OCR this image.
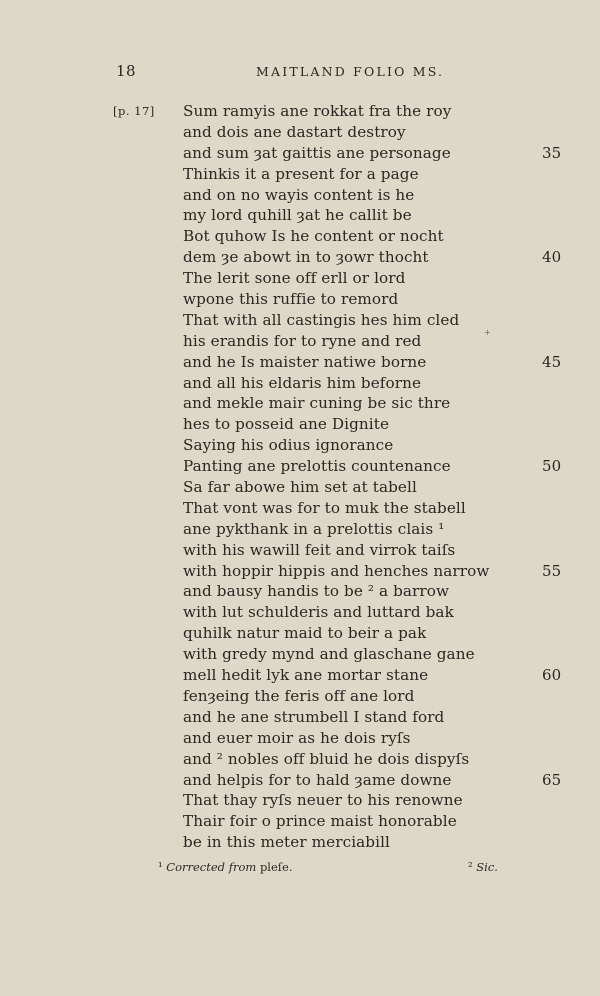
18	MAITLAND FOLIO MS.
[p. 17] Sum ramyis ane rokkat fra the roy
and dois ane dastart destroy
and sum ȝat gaittis ane personage	35
Thinkis it a present for a page
and on no wayis content is he
my lord quhill ȝat he callit be
Bot quhow Is he content or nocht
dem ȝe abowt in to ȝowr thocht	40
The lerit sone off erll or lord
wpone this ruffie to remord
That with all castingis hes him cled
his erandis for to ryne and red
and he Is maister natiwe borne	45
and all his eldaris him beforne
and mekle mair cuning be sic thre
hes to posseid ane Dignite
Saying his odius ignorance
Panting ane prelottis countenance	50
Sa far abowe him set at tabell
That vont was for to muk the stabell
ane pykthank in a prelottis clais ¹
with his wawill feit and virrok taiſs
with hoppir hippis and henches narrow	55
and bausy handis to be ² a barrow
with lut schulderis and luttard bak
quhilk natur maid to beir a pak
with gredy mynd and glaschane gane
mell hedit lyk ane mortar stane	60
fenȝeing the feris off ane lord
and he ane strumbell I stand ford
and euer moir as he dois ryſs
and ² nobles off bluid he dois dispyſs
and helpis for to hald ȝame downe	65
That thay ryſs neuer to his renowne
Thair foir o prince maist honorable
be in this meter merciabill
+
¹ Corrected from pleſe.	² Sic.
